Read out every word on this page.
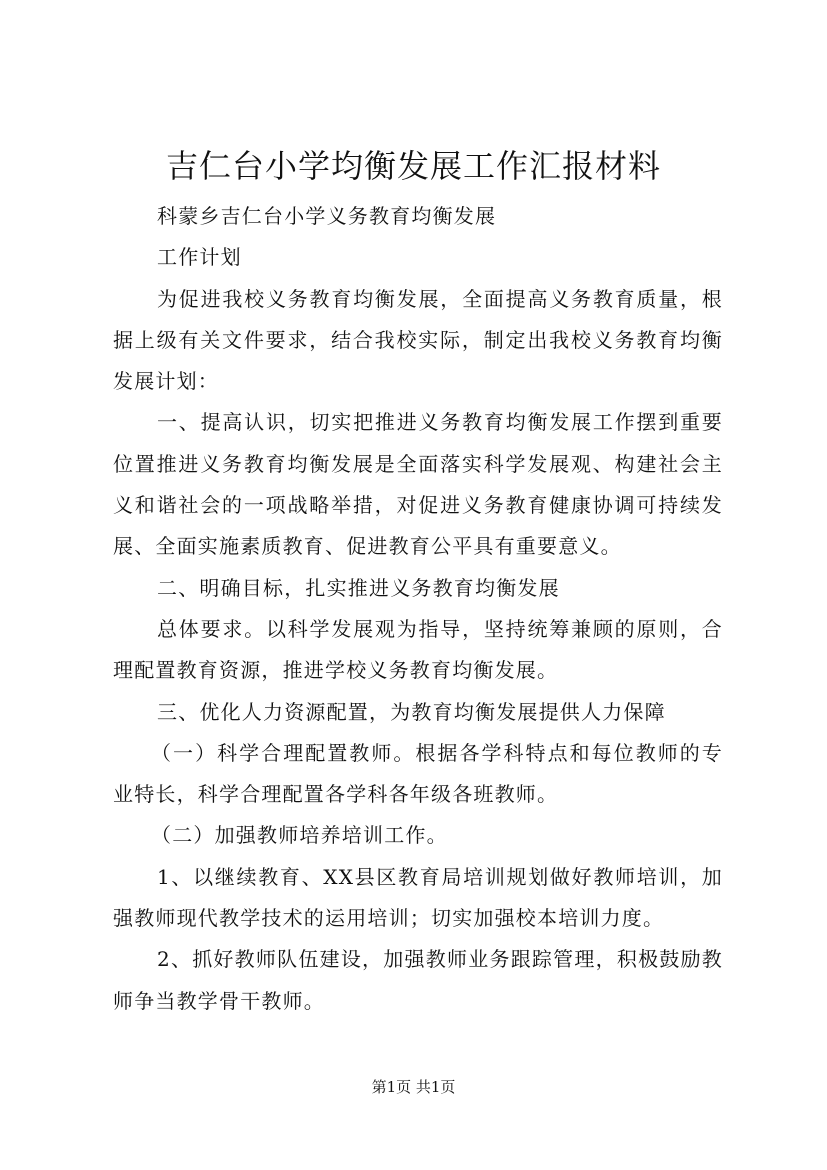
吉仁台小学均衡发展工作汇报材料

科蒙乡吉仁台小学义务教育均衡发展

工作计划

为促进我校义务教育均衡发展，全面提高义务教育质量，根据上级有关文件要求，结合我校实际，制定出我校义务教育均衡发展计划：

一、提高认识，切实把推进义务教育均衡发展工作摆到重要位置推进义务教育均衡发展是全面落实科学发展观、构建社会主义和谐社会的一项战略举措，对促进义务教育健康协调可持续发展、全面实施素质教育、促进教育公平具有重要意义。

二、明确目标，扎实推进义务教育均衡发展

总体要求。以科学发展观为指导，坚持统筹兼顾的原则，合理配置教育资源，推进学校义务教育均衡发展。

三、优化人力资源配置，为教育均衡发展提供人力保障

（一）科学合理配置教师。根据各学科特点和每位教师的专业特长，科学合理配置各学科各年级各班教师。

（二）加强教师培养培训工作。

1、以继续教育、XX县区教育局培训规划做好教师培训，加强教师现代教学技术的运用培训；切实加强校本培训力度。

2、抓好教师队伍建设，加强教师业务跟踪管理，积极鼓励教师争当教学骨干教师。

第1页 共1页
